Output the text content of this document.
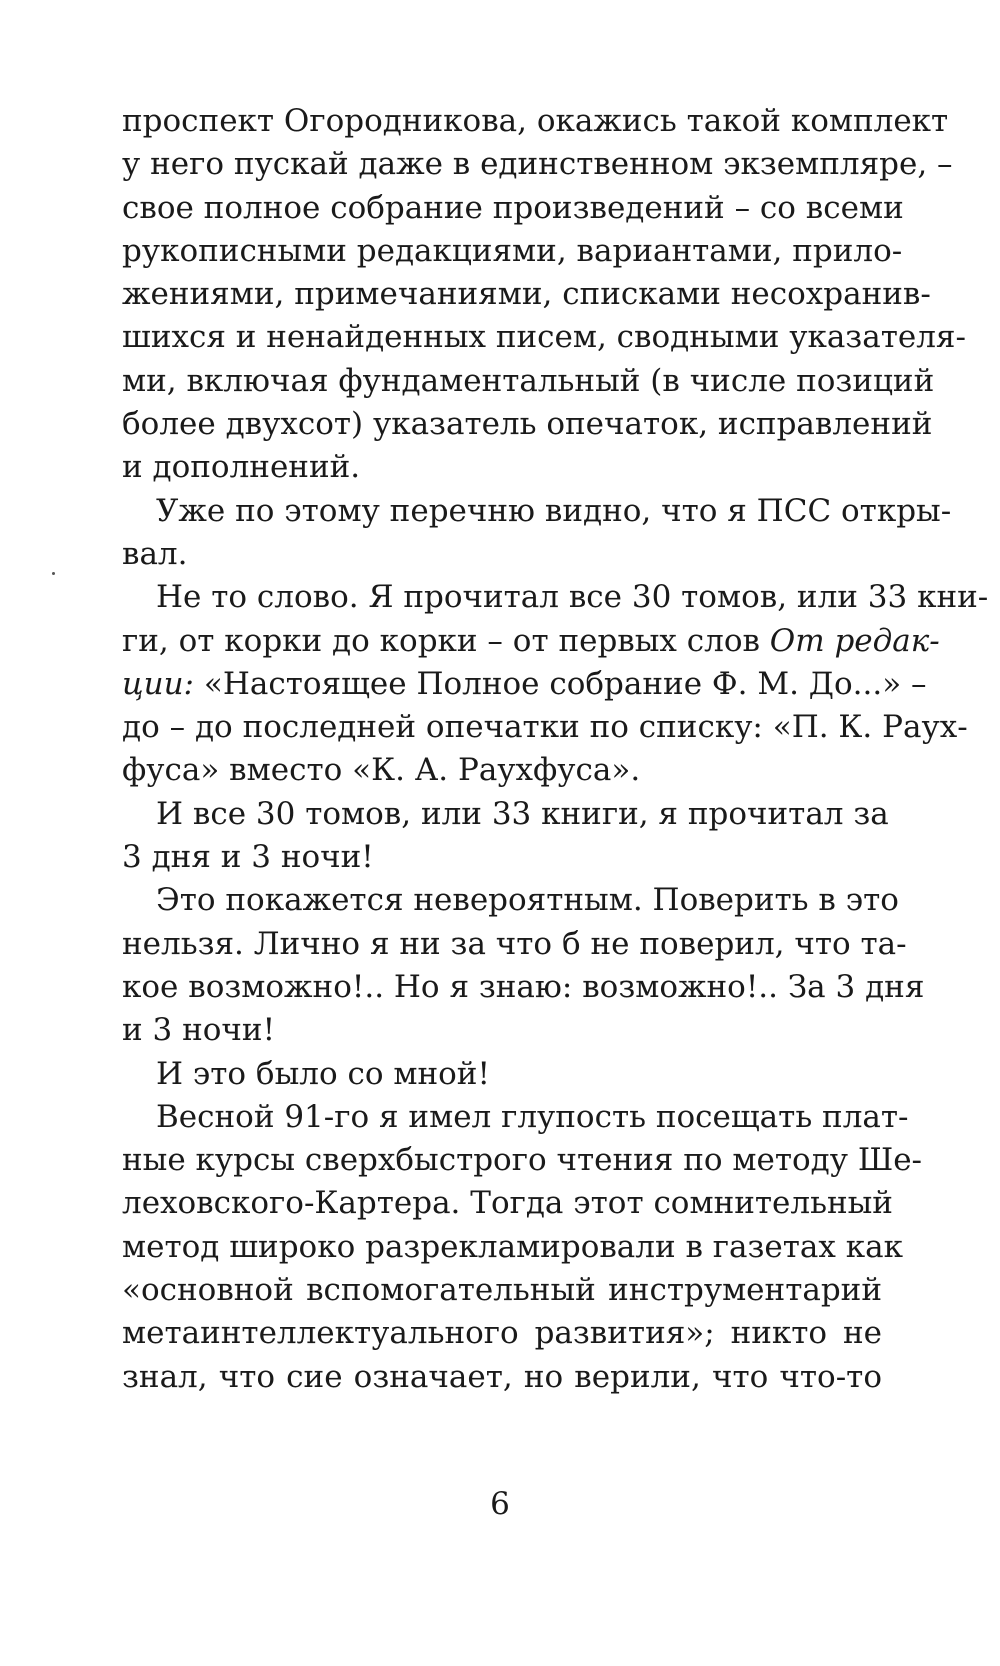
проспект Огородникова, окажись такой комплект
у него пускай даже в единственном экземпляре, –
свое полное собрание произведений – со всеми
рукописными редакциями, вариантами, прило-
жениями, примечаниями, списками несохранив-
шихся и ненайденных писем, сводными указателя-
ми, включая фундаментальный (в числе позиций
более двухсот) указатель опечаток, исправлений
и дополнений.
Уже по этому перечню видно, что я ПСС откры-
вал.
Не то слово. Я прочитал все 30 томов, или 33 кни-
ги, от корки до корки – от первых слов От редак-
ции: «Настоящее Полное собрание Ф. М. До...» –
до – до последней опечатки по списку: «П. К. Раух-
фуса» вместо «К. А. Раухфуса».
И все 30 томов, или 33 книги, я прочитал за
3 дня и 3 ночи!
Это покажется невероятным. Поверить в это
нельзя. Лично я ни за что б не поверил, что та-
кое возможно!.. Но я знаю: возможно!.. За 3 дня
и 3 ночи!
И это было со мной!
Весной 91-го я имел глупость посещать плат-
ные курсы сверхбыстрого чтения по методу Ше-
леховского-Картера. Тогда этот сомнительный
метод широко разрекламировали в газетах как
«основной вспомогательный инструментарий
метаинтеллектуального развития»; никто не
знал, что сие означает, но верили, что что-то
6
